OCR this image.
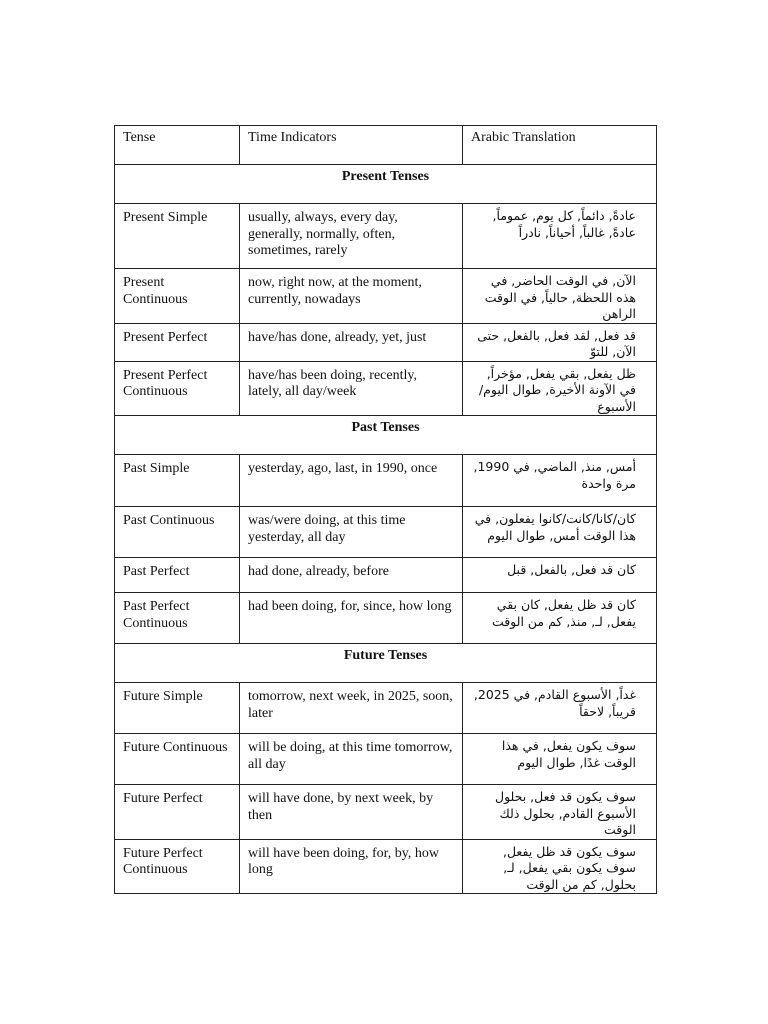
Tense	Time Indicators	Arabic Translation
Present Tenses		
Present Simple	usually, always, every day, generally, normally, often, sometimes, rarely	عادةً, دائماً, كل يوم, عموماً, عادةً, غالباً, أحياناً, نادراً
Present Continuous	now, right now, at the moment, currently, nowadays	الآن, في الوقت الحاضر, في هذه اللحظة, حالياً, في الوقت الراهن
Present Perfect	have/has done, already, yet, just	قد فعل, لقد فعل, بالفعل, حتى الآن, للتوّ
Present Perfect Continuous	have/has been doing, recently, lately, all day/week	ظل يفعل, بقي يفعل, مؤخراً, في الآونة الأخيرة, طوال اليوم/الأسبوع
Past Tenses		
Past Simple	yesterday, ago, last, in 1990, once	أمس, منذ, الماضي, في 1990, مرة واحدة
Past Continuous	was/were doing, at this time yesterday, all day	كان/كانا/كانت/كانوا يفعلون, في هذا الوقت أمس, طوال اليوم
Past Perfect	had done, already, before	كان قد فعل, بالفعل, قبل
Past Perfect Continuous	had been doing, for, since, how long	كان قد ظل يفعل, كان بقي يفعل, لـ, منذ, كم من الوقت
Future Tenses		
Future Simple	tomorrow, next week, in 2025, soon, later	غداً, الأسبوع القادم, في 2025, قريباً, لاحقاً
Future Continuous	will be doing, at this time tomorrow, all day	سوف يكون يفعل, في هذا الوقت غدًا, طوال اليوم
Future Perfect	will have done, by next week, by then	سوف يكون قد فعل, بحلول الأسبوع القادم, بحلول ذلك الوقت
Future Perfect Continuous	will have been doing, for, by, how long	سوف يكون قد ظل يفعل, سوف يكون بقي يفعل, لـ, بحلول, كم من الوقت
